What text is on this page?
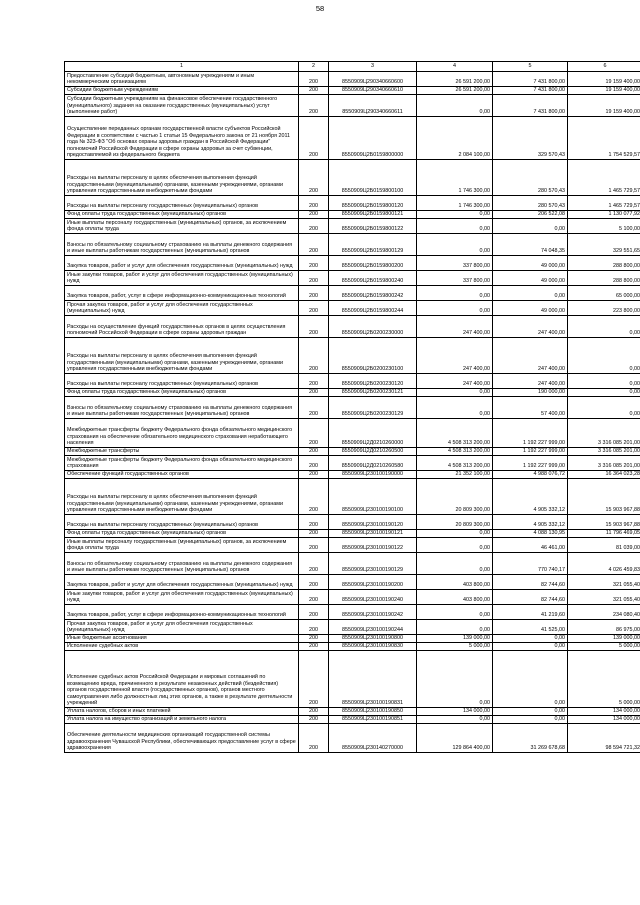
58
1	2	3	4	5	6
Предоставление субсидий бюджетным, автономным учреждениям и иным некоммерческим организациям	200	8550909Ц290340660600	26 591 200,00	7 431 800,00	19 159 400,00
Субсидии бюджетным учреждениям	200	8550909Ц290340660610	26 591 200,00	7 431 800,00	19 159 400,00
Субсидии бюджетным учреждениям на финансовое обеспечение государственного (муниципального) задания на оказание государственных (муниципальных) услуг (выполнение работ)	200	8550909Ц290340660611	0,00	7 431 800,00	19 159 400,00
Осуществление переданных органам государственной власти субъектов Российской Федерации в соответствии с частью 1 статьи 15 Федерального закона от 21 ноября 2011 года № 323-ФЗ "Об основах охраны здоровья граждан в Российской Федерации" полномочий Российской Федерации в сфере охраны здоровья за счет субвенции, предоставляемой из федерального бюджета	200	8550909Ц2Б0159800000	2 084 100,00	329 570,43	1 754 529,57
Расходы на выплаты персоналу в целях обеспечения выполнения функций государственными (муниципальными) органами, казенными учреждениями, органами управления государственными внебюджетными фондами	200	8550909Ц2Б0159800100	1 746 300,00	280 570,43	1 465 729,57
Расходы на выплаты персоналу государственных (муниципальных) органов	200	8550909Ц2Б0159800120	1 746 300,00	280 570,43	1 465 729,57
Фонд оплаты труда государственных (муниципальных) органов	200	8550909Ц2Б0159800121	0,00	206 522,08	1 130 077,92
Иные выплаты персоналу государственных (муниципальных) органов, за исключением фонда оплаты труда	200	8550909Ц2Б0159800122	0,00	0,00	5 100,00
Взносы по обязательному социальному страхованию на выплаты денежного содержания и иные выплаты работникам государственных (муниципальных) органов	200	8550909Ц2Б0159800129	0,00	74 048,35	329 551,65
Закупка товаров, работ и услуг для обеспечения государственных (муниципальных) нужд	200	8550909Ц2Б0159800200	337 800,00	49 000,00	288 800,00
Иные закупки товаров, работ и услуг для обеспечения государственных (муниципальных) нужд	200	8550909Ц2Б0159800240	337 800,00	49 000,00	288 800,00
Закупка товаров, работ, услуг в сфере информационно-коммуникационных технологий	200	8550909Ц2Б0159800242	0,00	0,00	65 000,00
Прочая закупка товаров, работ и услуг для обеспечения государственных (муниципальных) нужд	200	8550909Ц2Б0159800244	0,00	49 000,00	223 800,00
Расходы на осуществление функций государственных органов в целях осуществления полномочий Российской Федерации в сфере охраны здоровья граждан	200	8550909Ц2Б0200230000	247 400,00	247 400,00	0,00
Расходы на выплаты персоналу в целях обеспечения выполнения функций государственными (муниципальными) органами, казенными учреждениями, органами управления государственными внебюджетными фондами	200	8550909Ц2Б0200230100	247 400,00	247 400,00	0,00
Расходы на выплаты персоналу государственных (муниципальных) органов	200	8550909Ц2Б0200230120	247 400,00	247 400,00	0,00
Фонд оплаты труда государственных (муниципальных) органов	200	8550909Ц2Б0200230121	0,00	190 000,00	0,00
Взносы по обязательному социальному страхованию на выплаты денежного содержания и иные выплаты работникам государственных (муниципальных) органов	200	8550909Ц2Б0200230129	0,00	57 400,00	0,00
Межбюджетные трансферты бюджету Федерального фонда обязательного медицинского страхования на обеспечение обязательного медицинского страхования неработающего населения	200	8550909Ц2Д0210260000	4 508 313 200,00	1 192 227 999,00	3 316 085 201,00
Межбюджетные трансферты	200	8550909Ц2Д0210260500	4 508 313 200,00	1 192 227 999,00	3 316 085 201,00
Межбюджетные трансферты бюджету Федерального фонда обязательного медицинского страхования	200	8550909Ц2Д0210260580	4 508 313 200,00	1 192 227 999,00	3 316 085 201,00
Обеспечение функций государственных органов	200	8550909Ц230100190000	21 352 100,00	4 988 076,72	16 364 023,28
Расходы на выплаты персоналу в целях обеспечения выполнения функций государственными (муниципальными) органами, казенными учреждениями, органами управления государственными внебюджетными фондами	200	8550909Ц230100190100	20 809 300,00	4 905 332,12	15 903 967,88
Расходы на выплаты персоналу государственных (муниципальных) органов	200	8550909Ц230100190120	20 809 300,00	4 905 332,12	15 903 967,88
Фонд оплаты труда государственных (муниципальных) органов	200	8550909Ц230100190121	0,00	4 088 130,95	11 796 469,05
Иные выплаты персоналу государственных (муниципальных) органов, за исключением фонда оплаты труда	200	8550909Ц230100190122	0,00	46 461,00	81 039,00
Взносы по обязательному социальному страхованию на выплаты денежного содержания и иные выплаты работникам государственных (муниципальных) органов	200	8550909Ц230100190129	0,00	770 740,17	4 026 459,83
Закупка товаров, работ и услуг для обеспечения государственных (муниципальных) нужд	200	8550909Ц230100190200	403 800,00	82 744,60	321 055,40
Иные закупки товаров, работ и услуг для обеспечения государственных (муниципальных) нужд	200	8550909Ц230100190240	403 800,00	82 744,60	321 055,40
Закупка товаров, работ, услуг в сфере информационно-коммуникационных технологий	200	8550909Ц230100190242	0,00	41 219,60	234 080,40
Прочая закупка товаров, работ и услуг для обеспечения государственных (муниципальных) нужд	200	8550909Ц230100190244	0,00	41 525,00	86 975,00
Иные бюджетные ассигнования	200	8550909Ц230100190800	139 000,00	0,00	139 000,00
Исполнение судебных актов	200	8550909Ц230100190830	5 000,00	0,00	5 000,00
Исполнение судебных актов Российской Федерации и мировых соглашений по возмещению вреда, причиненного в результате незаконных действий (бездействия) органов государственной власти (государственных органов), органов местного самоуправления либо должностных лиц этих органов, а также в результате деятельности учреждений	200	8550909Ц230100190831	0,00	0,00	5 000,00
Уплата налогов, сборов и иных платежей	200	8550909Ц230100190850	134 000,00	0,00	134 000,00
Уплата налога на имущество организаций и земельного налога	200	8550909Ц230100190851	0,00	0,00	134 000,00
Обеспечение деятельности медицинских организаций государственной системы здравоохранения Чувашской Республики, обеспечивающих предоставление услуг в сфере здравоохранения	200	8550909Ц230140270000	129 864 400,00	31 269 678,68	98 594 721,32
